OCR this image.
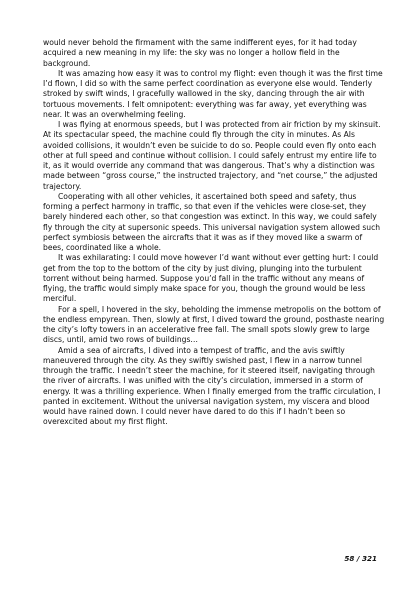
would never behold the firmament with the same indifferent eyes, for it had today acquired a new meaning in my life: the sky was no longer a hollow field in the background.

It was amazing how easy it was to control my flight: even though it was the first time I’d flown, I did so with the same perfect coordination as everyone else would. Tenderly stroked by swift winds, I gracefully wallowed in the sky, dancing through the air with tortuous movements. I felt omnipotent: everything was far away, yet everything was near. It was an overwhelming feeling.

I was flying at enormous speeds, but I was protected from air friction by my skinsuit. At its spectacular speed, the machine could fly through the city in minutes. As AIs avoided collisions, it wouldn’t even be suicide to do so. People could even fly onto each other at full speed and continue without collision. I could safely entrust my entire life to it, as it would override any command that was dangerous. That’s why a distinction was made between “gross course,” the instructed trajectory, and “net course,” the adjusted trajectory.

Cooperating with all other vehicles, it ascertained both speed and safety, thus forming a perfect harmony in traffic, so that even if the vehicles were close-set, they barely hindered each other, so that congestion was extinct. In this way, we could safely fly through the city at supersonic speeds. This universal navigation system allowed such perfect symbiosis between the aircrafts that it was as if they moved like a swarm of bees, coordinated like a whole.

It was exhilarating: I could move however I’d want without ever getting hurt: I could get from the top to the bottom of the city by just diving, plunging into the turbulent torrent without being harmed. Suppose you’d fall in the traffic without any means of flying, the traffic would simply make space for you, though the ground would be less merciful.

For a spell, I hovered in the sky, beholding the immense metropolis on the bottom of the endless empyrean. Then, slowly at first, I dived toward the ground, posthaste nearing the city’s lofty towers in an accelerative free fall. The small spots slowly grew to large discs, until, amid two rows of buildings…

Amid a sea of aircrafts, I dived into a tempest of traffic, and the avis swiftly maneuvered through the city. As they swiftly swished past, I flew in a narrow tunnel through the traffic. I needn’t steer the machine, for it steered itself, navigating through the river of aircrafts. I was unified with the city’s circulation, immersed in a storm of energy. It was a thrilling experience. When I finally emerged from the traffic circulation, I panted in excitement. Without the universal navigation system, my viscera and blood would have rained down. I could never have dared to do this if I hadn’t been so overexcited about my first flight.

58 / 321
